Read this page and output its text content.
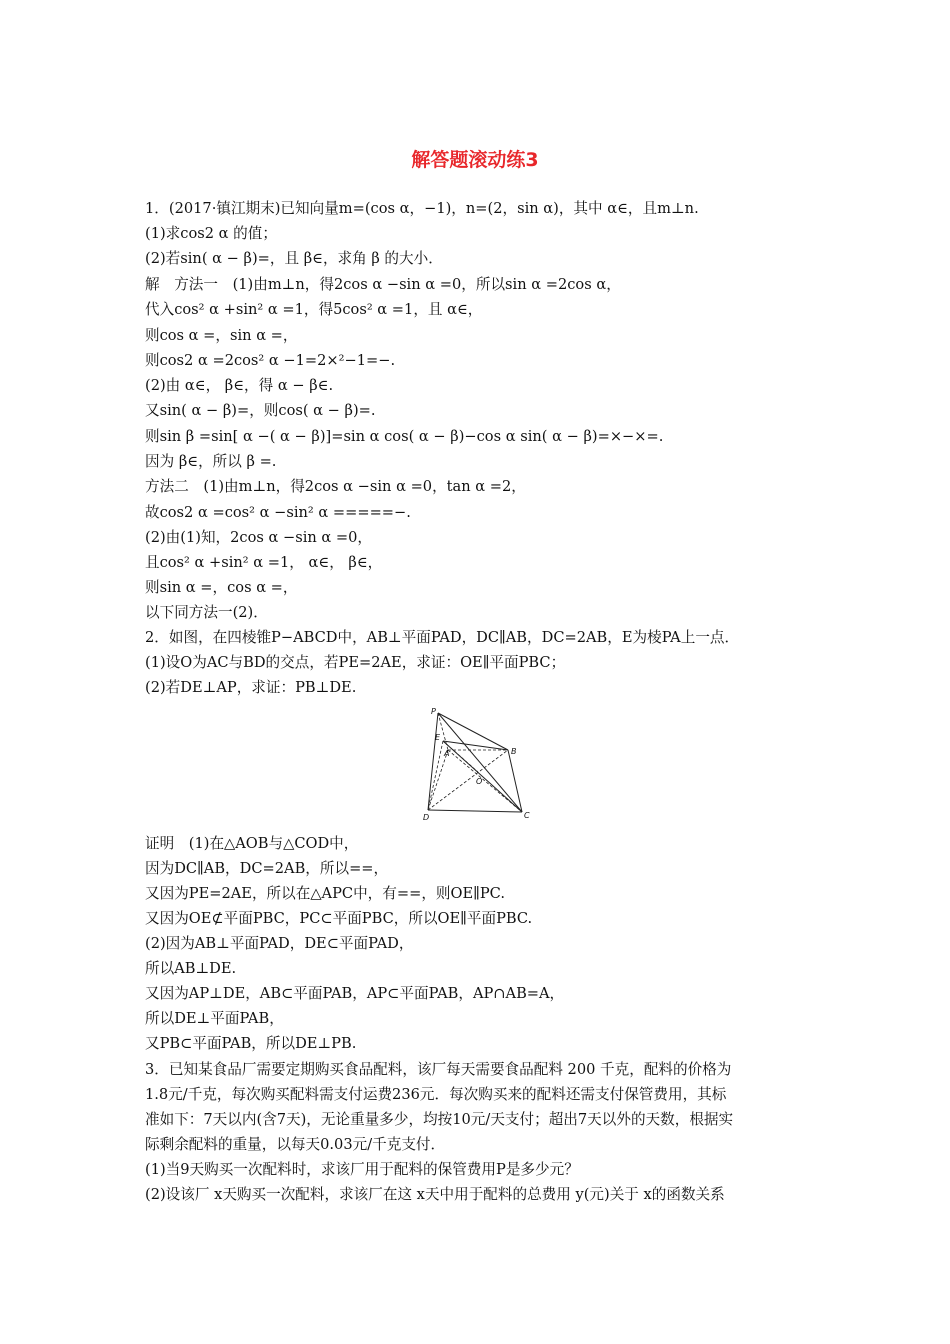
解答题滚动练3
1．(2017·镇江期末)已知向量m=(cos α，−1)，n=(2，sin α)，其中 α∈，且m⊥n.
(1)求cos2 α 的值；
(2)若sin( α − β)=，且 β∈，求角 β 的大小．
解　方法一　(1)由m⊥n，得2cos α −sin α =0，所以sin α =2cos α，
代入cos² α +sin² α =1，得5cos² α =1，且 α∈，
则cos α =，sin α =，
则cos2 α =2cos² α −1=2×²−1=−.
(2)由 α∈， β∈，得 α − β∈.
又sin( α − β)=，则cos( α − β)=.
则sin β =sin[ α −( α − β)]=sin α cos( α − β)−cos α sin( α − β)=×−×=.
因为 β∈，所以 β =.
方法二　(1)由m⊥n，得2cos α −sin α =0，tan α =2，
故cos2 α =cos² α −sin² α =====−.
(2)由(1)知，2cos α −sin α =0，
且cos² α +sin² α =1， α∈， β∈，
则sin α =，cos α =，
以下同方法一(2)．
2．如图，在四棱锥P−ABCD中，AB⊥平面PAD，DC∥AB，DC=2AB，E为棱PA上一点．
(1)设O为AC与BD的交点，若PE=2AE，求证：OE∥平面PBC；
(2)若DE⊥AP，求证：PB⊥DE.
P
E
A	B
O
D	C
证明　(1)在△AOB与△COD中，
因为DC∥AB，DC=2AB，所以==，
又因为PE=2AE，所以在△APC中，有==，则OE∥PC.
又因为OE⊄平面PBC，PC⊂平面PBC，所以OE∥平面PBC.
(2)因为AB⊥平面PAD，DE⊂平面PAD，
所以AB⊥DE.
又因为AP⊥DE，AB⊂平面PAB，AP⊂平面PAB，AP∩AB=A，
所以DE⊥平面PAB，
又PB⊂平面PAB，所以DE⊥PB.
3．已知某食品厂需要定期购买食品配料，该厂每天需要食品配料 200 千克，配料的价格为
1.8元/千克，每次购买配料需支付运费236元．每次购买来的配料还需支付保管费用，其标
准如下：7天以内(含7天)，无论重量多少，均按10元/天支付；超出7天以外的天数，根据实
际剩余配料的重量，以每天0.03元/千克支付．
(1)当9天购买一次配料时，求该厂用于配料的保管费用P是多少元？
(2)设该厂 x天购买一次配料，求该厂在这 x天中用于配料的总费用 y(元)关于 x的函数关系
